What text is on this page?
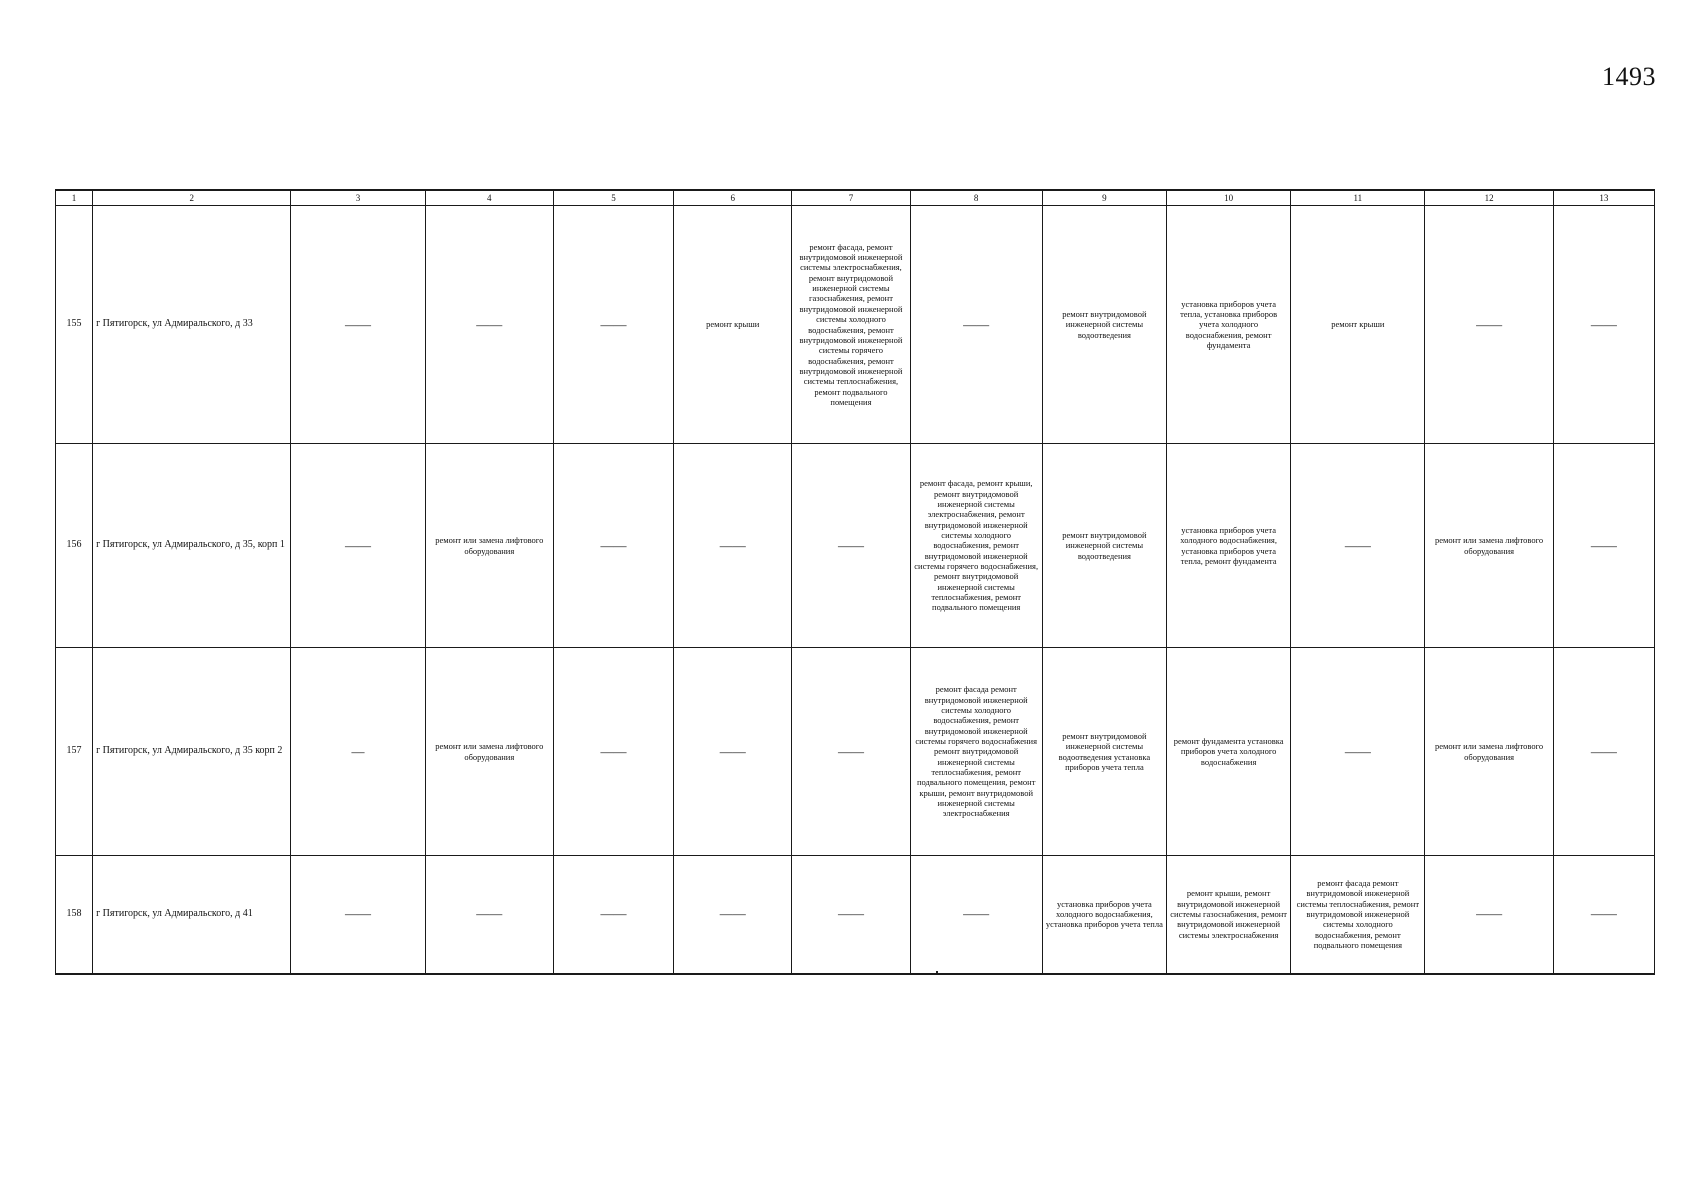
1493
1	2	3	4	5	6	7	8	9	10	11	12	13
155	г Пятигорск, ул Адмиральского, д 33	——	——	——	ремонт крыши	ремонт фасада, ремонт внутридомовой инженерной системы электроснабжения, ремонт внутридомовой инженерной системы газоснабжения, ремонт внутридомовой инженерной системы холодного водоснабжения, ремонт внутридомовой инженерной системы горячего водоснабжения, ремонт внутридомовой инженерной системы теплоснабжения, ремонт подвального помещения	——	ремонт внутридомовой инженерной системы водоотведения	установка приборов учета тепла, установка приборов учета холодного водоснабжения, ремонт фундамента	ремонт крыши	——	——
156	г Пятигорск, ул Адмиральского, д 35, корп 1	——	ремонт или замена лифтового оборудования	——	——	——	ремонт фасада, ремонт крыши, ремонт внутридомовой инженерной системы электроснабжения, ремонт внутридомовой инженерной системы холодного водоснабжения, ремонт внутридомовой инженерной системы горячего водоснабжения, ремонт внутридомовой инженерной системы теплоснабжения, ремонт подвального помещения	ремонт внутридомовой инженерной системы водоотведения	установка приборов учета холодного водоснабжения, установка приборов учета тепла, ремонт фундамента	——	ремонт или замена лифтового оборудования	——
157	г Пятигорск, ул Адмиральского, д 35 корп 2	—	ремонт или замена лифтового оборудования	——	——	——	ремонт фасада ремонт внутридомовой инженерной системы холодного водоснабжения, ремонт внутридомовой инженерной системы горячего водоснабжения ремонт внутридомовой инженерной системы теплоснабжения, ремонт подвального помещения, ремонт крыши, ремонт внутридомовой инженерной системы электроснабжения	ремонт внутридомовой инженерной системы водоотведения установка приборов учета тепла	ремонт фундамента установка приборов учета холодного водоснабжения	——	ремонт или замена лифтового оборудования	——
158	г Пятигорск, ул Адмиральского, д 41	——	——	——	——	——	——	установка приборов учета холодного водоснабжения, установка приборов учета тепла	ремонт крыши, ремонт внутридомовой инженерной системы газоснабжения, ремонт внутридомовой инженерной системы электроснабжения	ремонт фасада ремонт внутридомовой инженерной системы теплоснабжения, ремонт внутридомовой инженерной системы холодного водоснабжения, ремонт подвального помещения	——	——
